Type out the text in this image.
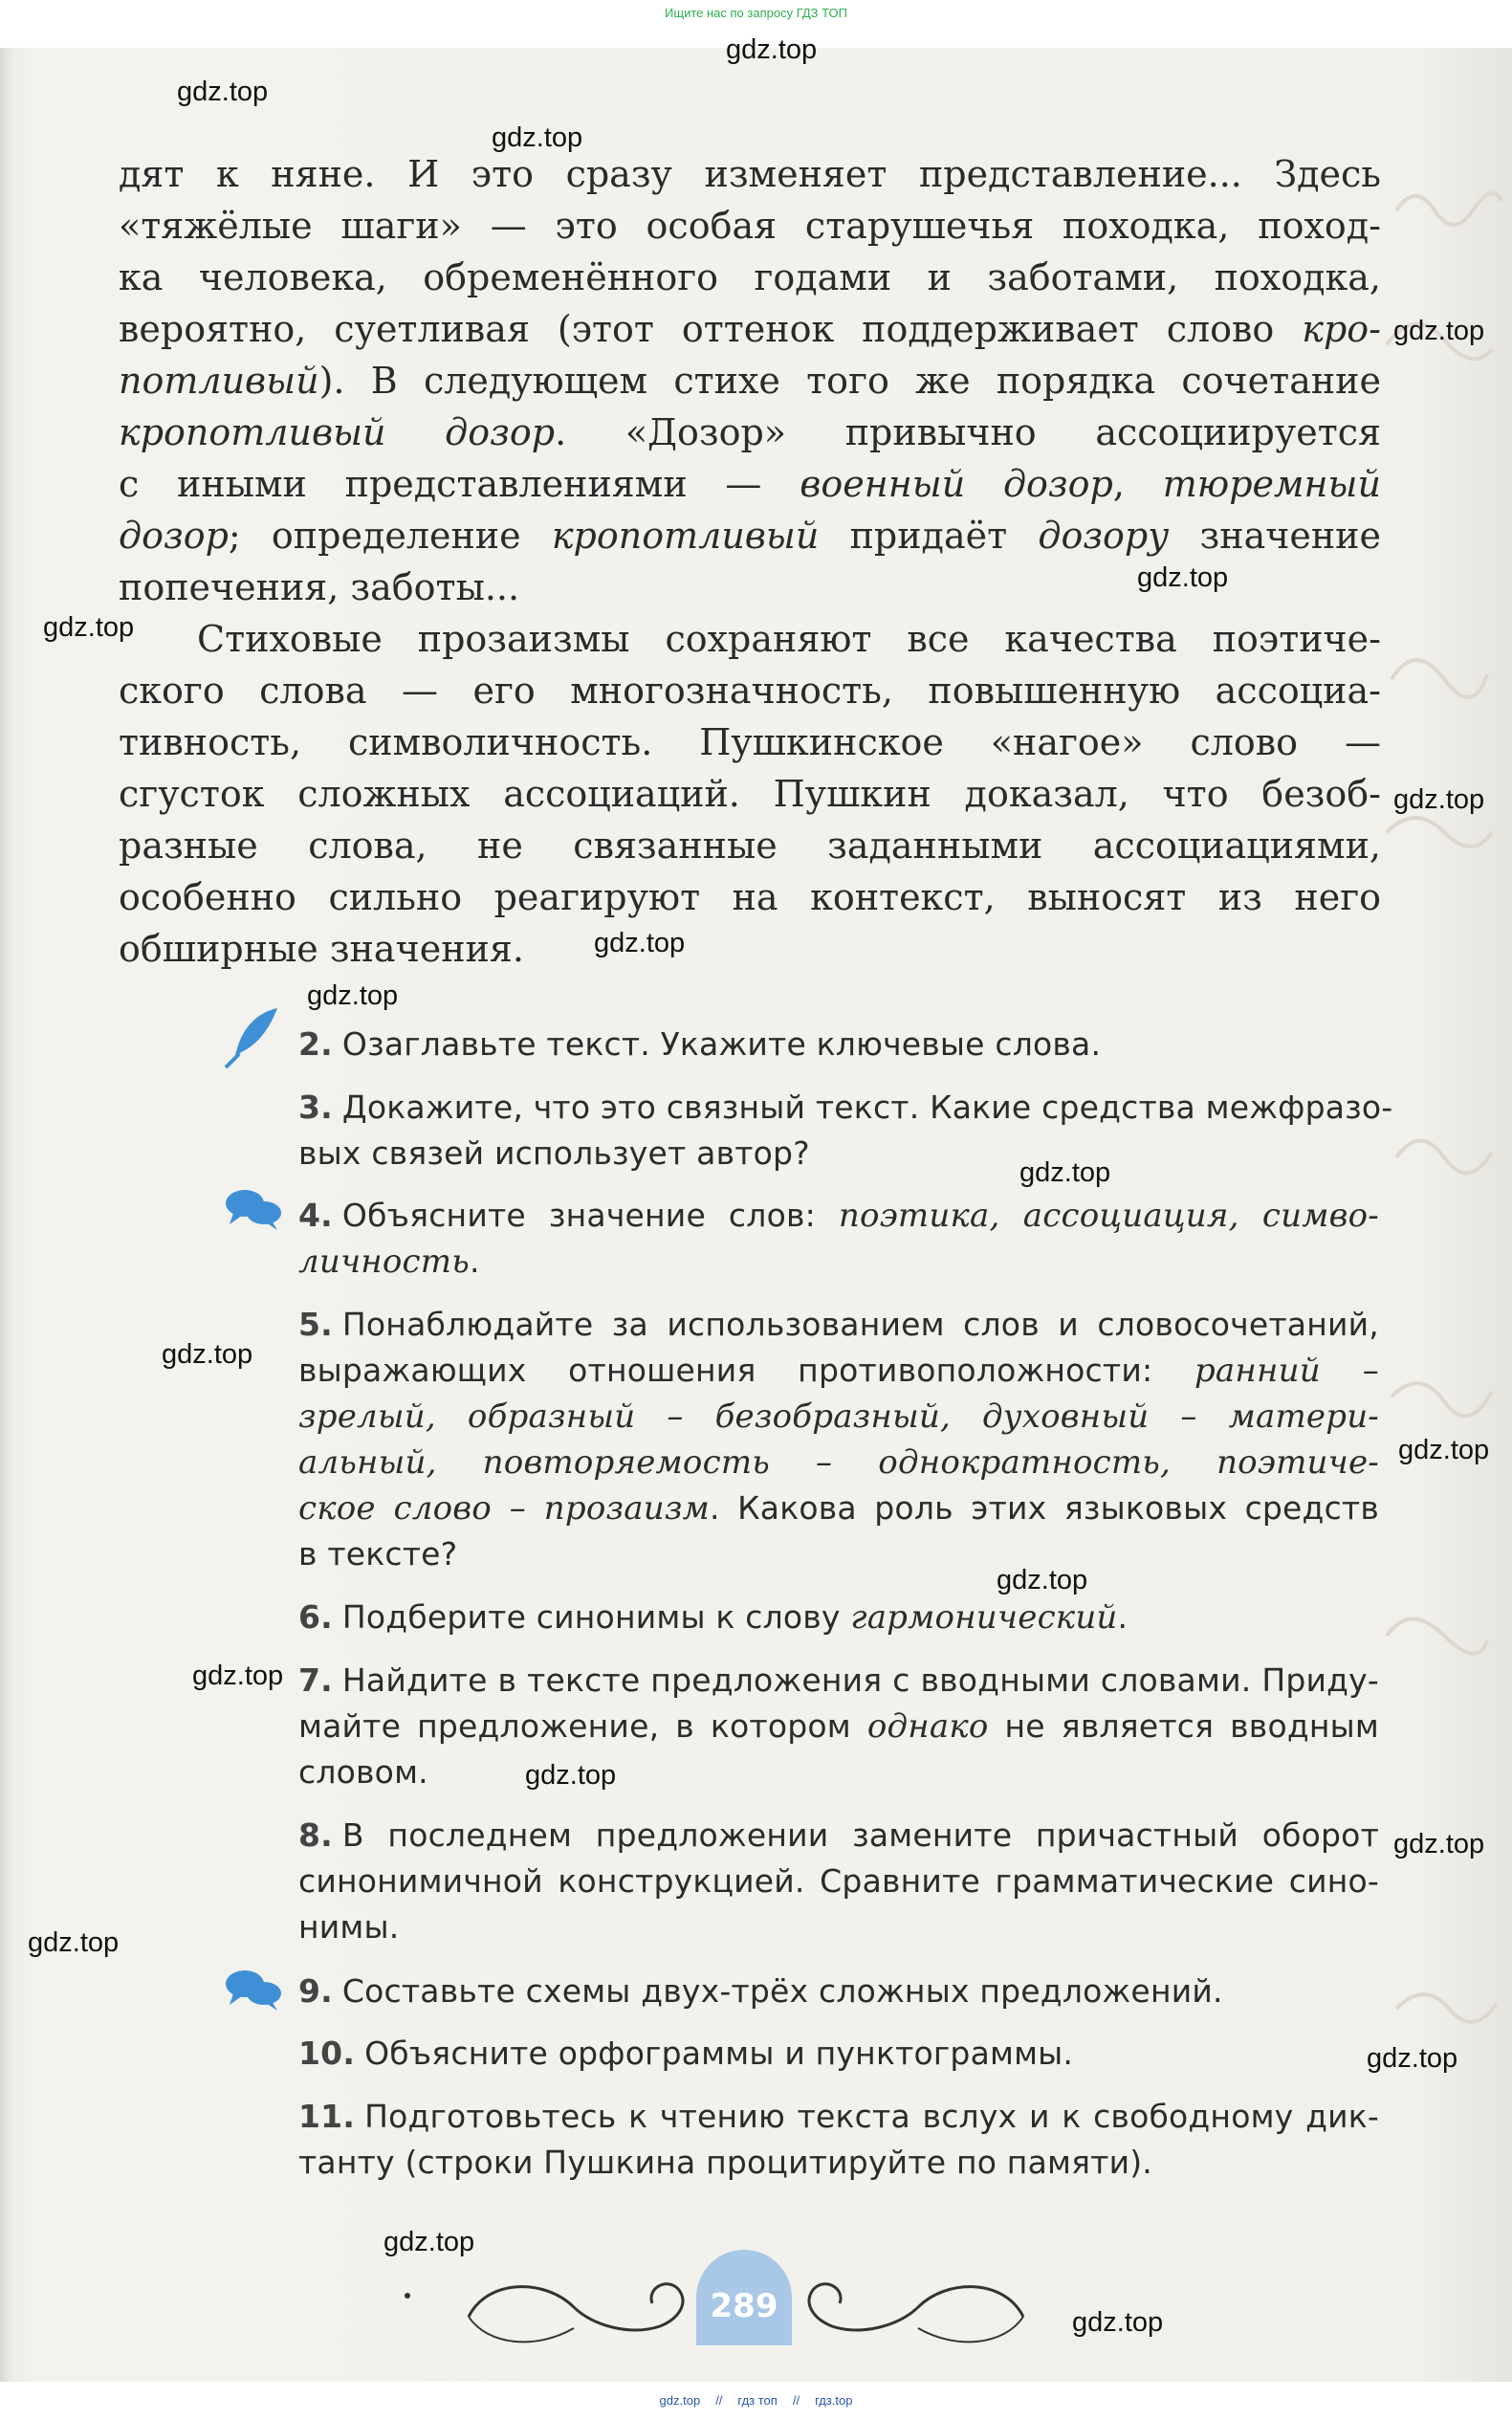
Ищите нас по запросу ГДЗ ТОП
дят к няне. И это сразу изменяет представление... Здесь
«тяжёлые шаги» — это особая старушечья походка, поход-
ка человека, обременённого годами и заботами, походка,
вероятно, суетливая (этот оттенок поддерживает слово кро-
потливый). В следующем стихе того же порядка сочетание
кропотливый дозор. «Дозор» привычно ассоциируется
с иными представлениями — военный дозор, тюремный
дозор; определение кропотливый придаёт дозору значение
попечения, заботы...
Стиховые прозаизмы сохраняют все качества поэтиче-
ского слова — его многозначность, повышенную ассоциа-
тивность, символичность. Пушкинское «нагое» слово —
сгусток сложных ассоциаций. Пушкин доказал, что безоб-
разные слова, не связанные заданными ассоциациями,
особенно сильно реагируют на контекст, выносят из него
обширные значения.
2. Озаглавьте текст. Укажите ключевые слова.
3. Докажите, что это связный текст. Какие средства межфразо-
вых связей использует автор?
4. Объясните значение слов: поэтика, ассоциация, симво-
личность.
5. Понаблюдайте за использованием слов и словосочетаний,
выражающих отношения противоположности: ранний –
зрелый, образный – безобразный, духовный – матери-
альный, повторяемость – однократность, поэтиче-
ское слово – прозаизм. Какова роль этих языковых средств
в тексте?
6. Подберите синонимы к слову гармонический.
7. Найдите в тексте предложения с вводными словами. Приду-
майте предложение, в котором однако не является вводным
словом.
8. В последнем предложении замените причастный оборот
синонимичной конструкцией. Сравните грамматические сино-
нимы.
9. Составьте схемы двух-трёх сложных предложений.
10. Объясните орфограммы и пунктограммы.
11. Подготовьтесь к чтению текста вслух и к свободному дик-
танту (строки Пушкина процитируйте по памяти).
289
gdz.top
gdz.top
gdz.top
gdz.top
gdz.top
gdz.top
gdz.top
gdz.top
gdz.top
gdz.top
gdz.top
gdz.top
gdz.top
gdz.top
gdz.top
gdz.top
gdz.top
gdz.top
gdz.top
gdz.top
gdz.top // гдз топ // гдз.top
